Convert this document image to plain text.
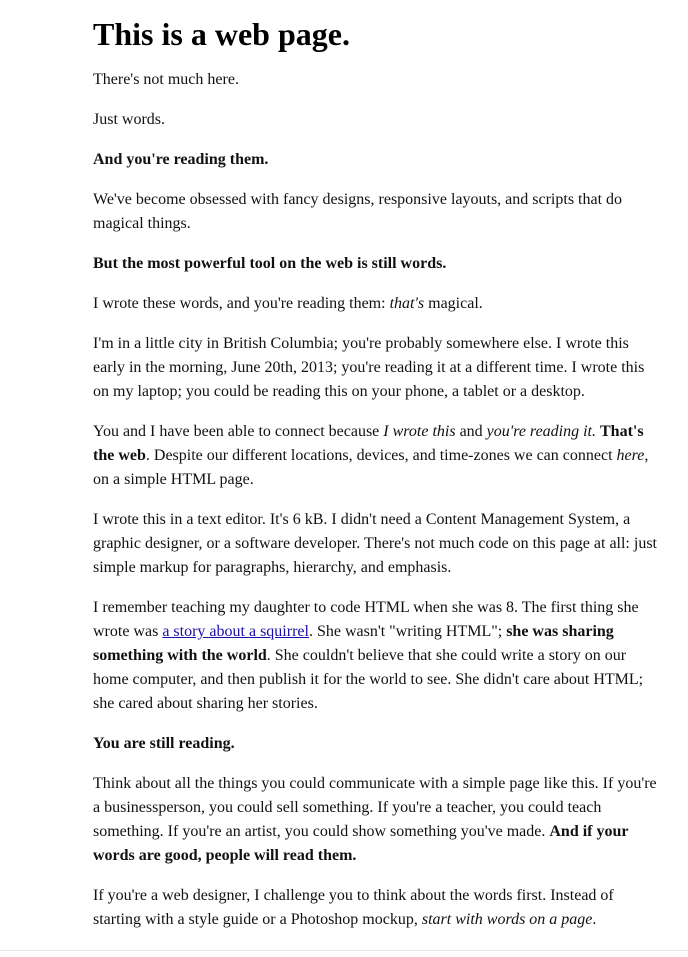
This is a web page.

There's not much here.

Just words.

And you're reading them.

We've become obsessed with fancy designs, responsive layouts, and scripts that do magical things.

But the most powerful tool on the web is still words.

I wrote these words, and you're reading them: that's magical.

I'm in a little city in British Columbia; you're probably somewhere else. I wrote this early in the morning, June 20th, 2013; you're reading it at a different time. I wrote this on my laptop; you could be reading this on your phone, a tablet or a desktop.

You and I have been able to connect because I wrote this and you're reading it. That's the web. Despite our different locations, devices, and time-zones we can connect here, on a simple HTML page.

I wrote this in a text editor. It's 6 kB. I didn't need a Content Management System, a graphic designer, or a software developer. There's not much code on this page at all: just simple markup for paragraphs, hierarchy, and emphasis.

I remember teaching my daughter to code HTML when she was 8. The first thing she wrote was a story about a squirrel. She wasn't "writing HTML"; she was sharing something with the world. She couldn't believe that she could write a story on our home computer, and then publish it for the world to see. She didn't care about HTML; she cared about sharing her stories.

You are still reading.

Think about all the things you could communicate with a simple page like this. If you're a businessperson, you could sell something. If you're a teacher, you could teach something. If you're an artist, you could show something you've made. And if your words are good, people will read them.

If you're a web designer, I challenge you to think about the words first. Instead of starting with a style guide or a Photoshop mockup, start with words on a page.
